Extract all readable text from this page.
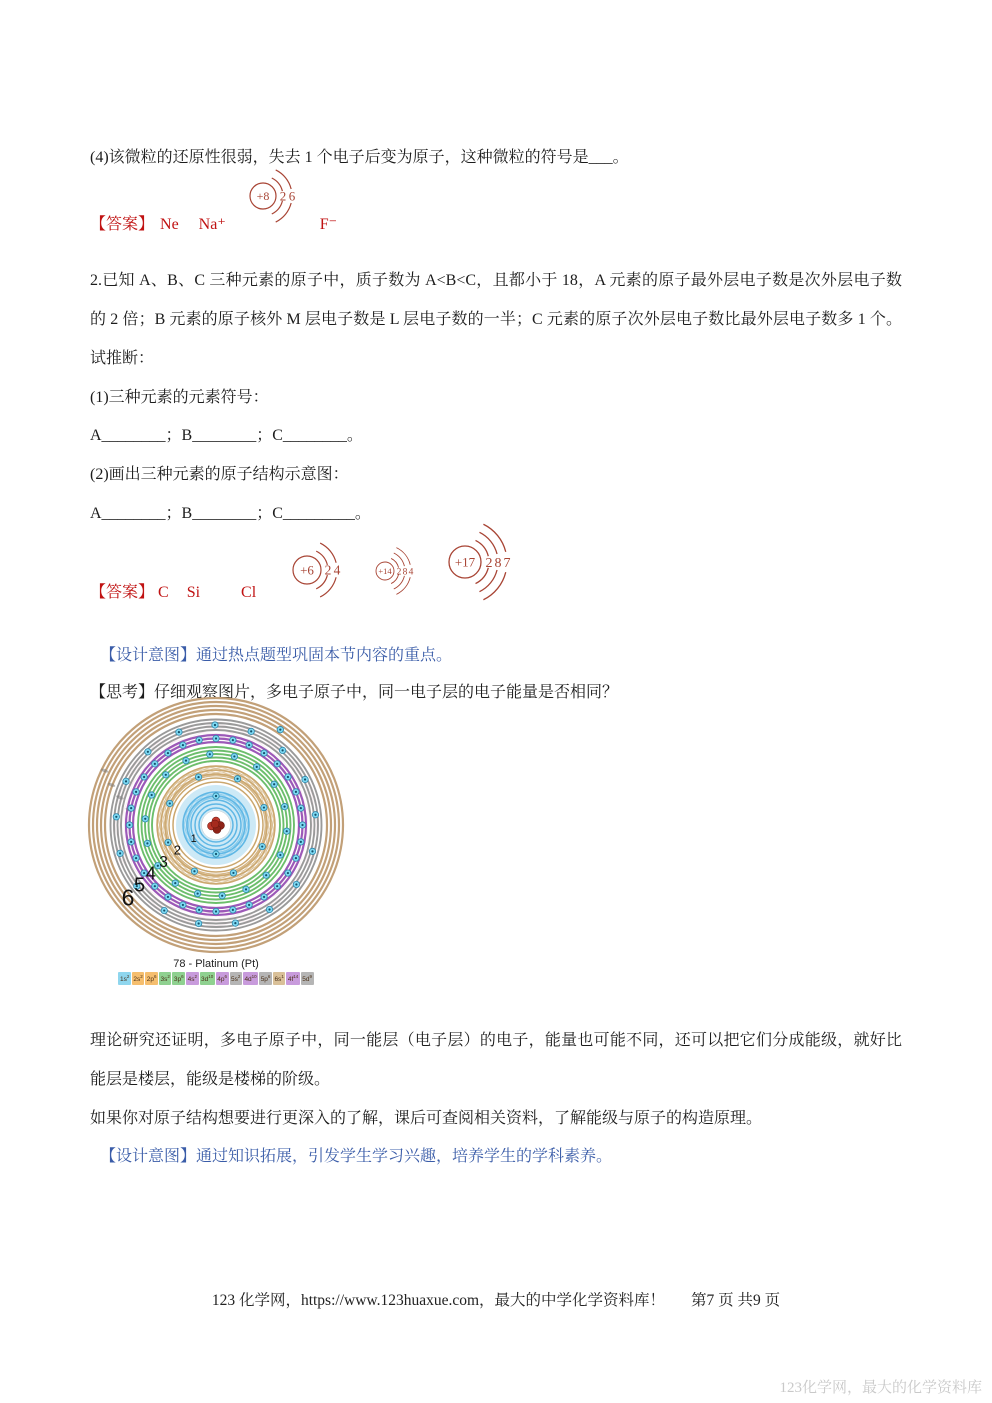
(4)该微粒的还原性很弱，失去 1 个电子后变为原子，这种微粒的符号是___。

+8 2 6
【答案】 Ne Na⁺	F⁻

2.已知 A、B、C 三种元素的原子中，质子数为 A<B<C，且都小于 18，A 元素的原子最外层电子数是次外层电子数的 2 倍；B 元素的原子核外 M 层电子数是 L 层电子数的一半；C 元素的原子次外层电子数比最外层电子数多 1 个。试推断：

(1)三种元素的元素符号：

A________；B________；C________。

(2)画出三种元素的原子结构示意图：

A________；B________；C_________。

+6 2 4	+14 2 8 4
+17 2 8 7
【答案】 C Si	Cl

【设计意图】通过热点题型巩固本节内容的重点。

【思考】仔细观察图片，多电子原子中，同一电子层的电子能量是否相同？

1
2
3
4
5
6
78 - Platinum (Pt)
$1s^2$ $2s^2$ $2p^6$ $3s^2$ $3p^6$ $4s^2$ $3d^{10}$ $4p^6$ $5s^2$ $4d^{10}$ $5p^6$ $6s^1$ $4f^{14}$ $5d^9$

理论研究还证明，多电子原子中，同一能层（电子层）的电子，能量也可能不同，还可以把它们分成能级，就好比能层是楼层，能级是楼梯的阶级。

如果你对原子结构想要进行更深入的了解，课后可查阅相关资料，了解能级与原子的构造原理。

【设计意图】通过知识拓展，引发学生学习兴趣，培养学生的学科素养。

123 化学网，https://www.123huaxue.com，最大的中学化学资料库！ 第7 页 共9 页
123化学网，最大的化学资料库
